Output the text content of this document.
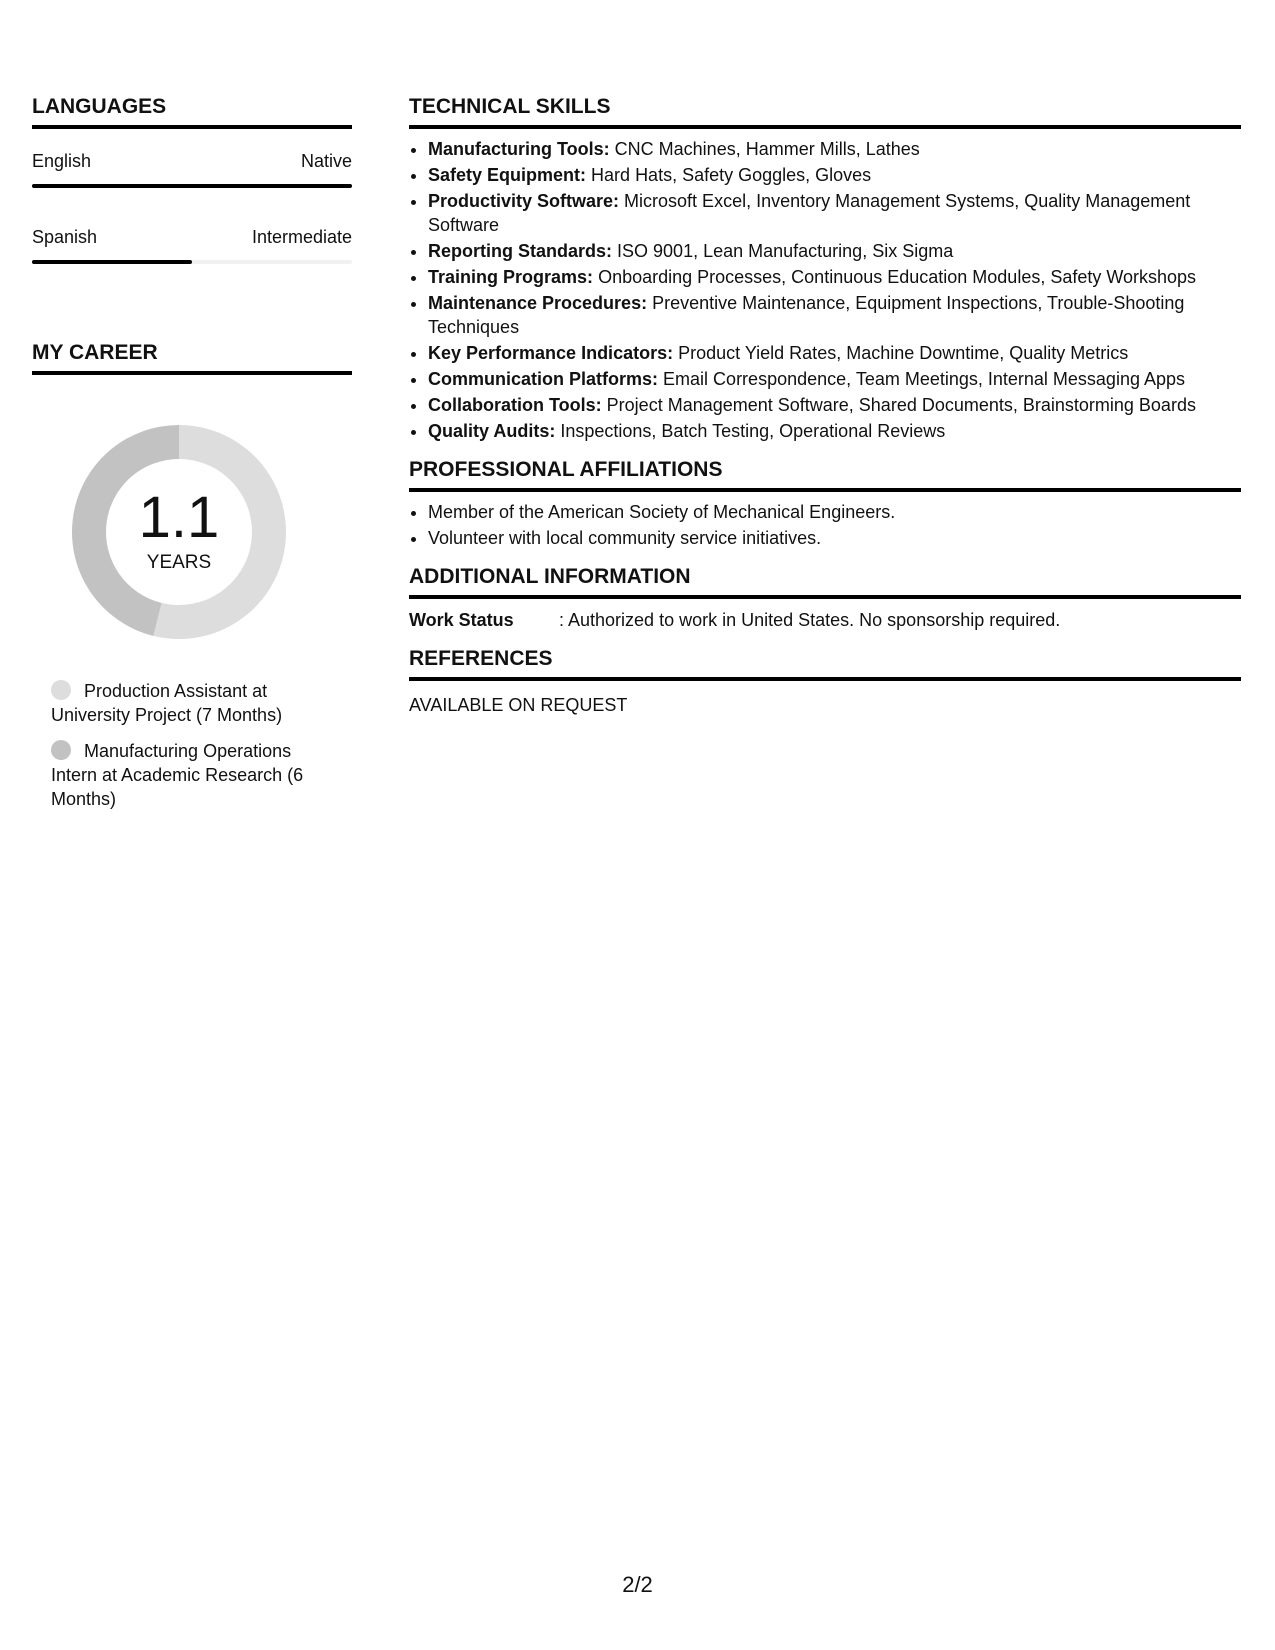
LANGUAGES
English	Native
Spanish	Intermediate
MY CAREER
1.1
YEARS
Production Assistant at University Project (7 Months)
Manufacturing Operations Intern at Academic Research (6 Months)
TECHNICAL SKILLS
• Manufacturing Tools: CNC Machines, Hammer Mills, Lathes
• Safety Equipment: Hard Hats, Safety Goggles, Gloves
• Productivity Software: Microsoft Excel, Inventory Management Systems, Quality Management Software
• Reporting Standards: ISO 9001, Lean Manufacturing, Six Sigma
• Training Programs: Onboarding Processes, Continuous Education Modules, Safety Workshops
• Maintenance Procedures: Preventive Maintenance, Equipment Inspections, Trouble-Shooting Techniques
• Key Performance Indicators: Product Yield Rates, Machine Downtime, Quality Metrics
• Communication Platforms: Email Correspondence, Team Meetings, Internal Messaging Apps
• Collaboration Tools: Project Management Software, Shared Documents, Brainstorming Boards
• Quality Audits: Inspections, Batch Testing, Operational Reviews
PROFESSIONAL AFFILIATIONS
• Member of the American Society of Mechanical Engineers.
• Volunteer with local community service initiatives.
ADDITIONAL INFORMATION
Work Status	: Authorized to work in United States. No sponsorship required.
REFERENCES
AVAILABLE ON REQUEST
2/2
